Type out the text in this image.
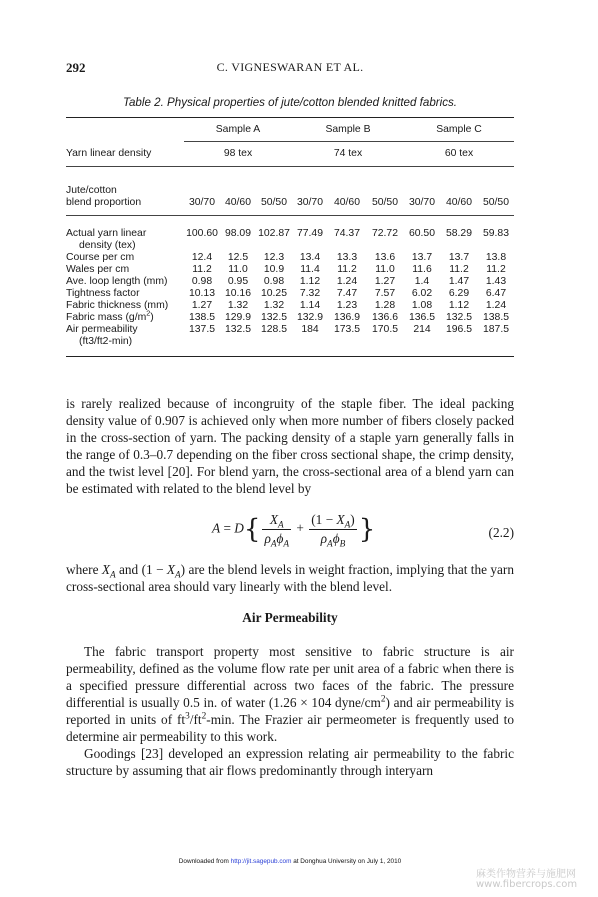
292	C. VIGNESWARAN ET AL.
Table 2. Physical properties of jute/cotton blended knitted fabrics.
	Sample A			Sample B			Sample C		
Yarn linear density	98 tex			74 tex			60 tex		

Jute/cotton
blend proportion	30/70	40/60	50/50	30/70	40/60	50/50	30/70	40/60	50/50
Actual yarn linear
density (tex)	100.60	98.09	102.87	77.49	74.37	72.72	60.50	58.29	59.83
Course per cm	12.4	12.5	12.3	13.4	13.3	13.6	13.7	13.7	13.8
Wales per cm	11.2	11.0	10.9	11.4	11.2	11.0	11.6	11.2	11.2
Ave. loop length (mm)	0.98	0.95	0.98	1.12	1.24	1.27	1.4	1.47	1.43
Tightness factor	10.13	10.16	10.25	7.32	7.47	7.57	6.02	6.29	6.47
Fabric thickness (mm)	1.27	1.32	1.32	1.14	1.23	1.28	1.08	1.12	1.24
Fabric mass $(g/m^2)$	138.5	129.9	132.5	132.9	136.9	136.6	136.5	132.5	138.5
Air permeability
(ft3/ft2-min)	137.5	132.5	128.5	184	173.5	170.5	214	196.5	187.5

is rarely realized because of incongruity of the staple fiber. The ideal packing density value of 0.907 is achieved only when more number of fibers closely packed in the cross-section of yarn. The packing density of a staple yarn generally falls in the range of 0.3–0.7 depending on the fiber cross sectional shape, the crimp density, and the twist level [20]. For blend yarn, the cross-sectional area of a blend yarn can be estimated with related to the blend level by

$A = D\{ \frac{X_A}{\rho_A\phi_A} + \frac{(1 - X_A)}{\rho_A\phi_B}$ }	(2.2)

where $X_A$ and $(1 - X_A)$ are the blend levels in weight fraction, implying that the yarn cross-sectional area should vary linearly with the blend level.

Air Permeability

The fabric transport property most sensitive to fabric structure is air permeability, defined as the volume flow rate per unit area of a fabric when there is a specified pressure differential across two faces of the fabric. The pressure differential is usually 0.5 in. of water (1.26 × 104 dyne/$cm^2$) and air permeability is reported in units of $ft^3/ft^2-\min$. The Frazier air permeometer is frequently used to determine air permeability to this work.

Goodings [23] developed an expression relating air permeability to the fabric structure by assuming that air flows predominantly through interyarn

Downloaded from http://jit.sagepub.com at Donghua University on July 1, 2010
麻类作物营养与施肥网
www.fibercrops.com
